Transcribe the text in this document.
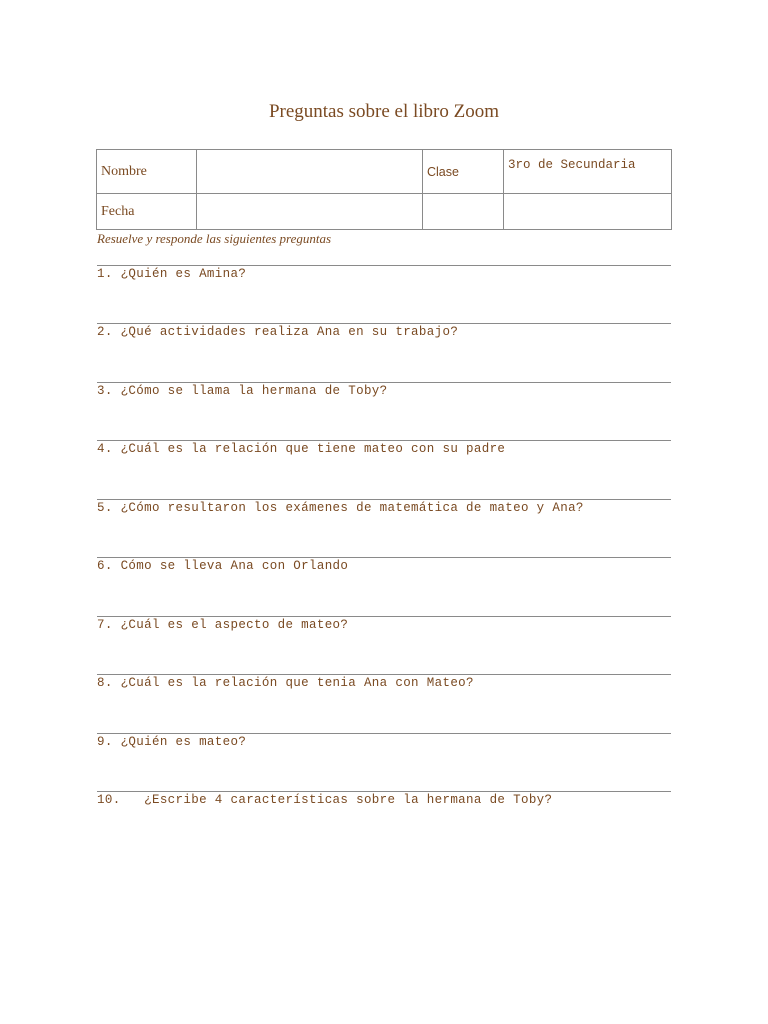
Preguntas sobre el libro Zoom
Nombre		Clase	3ro de Secundaria
Fecha			
Resuelve y responde las siguientes preguntas
1. ¿Quién es Amina?
2. ¿Qué actividades realiza Ana en su trabajo?
3. ¿Cómo se llama la hermana de Toby?
4. ¿Cuál es la relación que tiene mateo con su padre
5. ¿Cómo resultaron los exámenes de matemática de mateo y Ana?
6. Cómo se lleva Ana con Orlando
7. ¿Cuál es el aspecto de mateo?
8. ¿Cuál es la relación que tenia Ana con Mateo?
9. ¿Quién es mateo?
10. ¿Escribe 4 características sobre la hermana de Toby?
